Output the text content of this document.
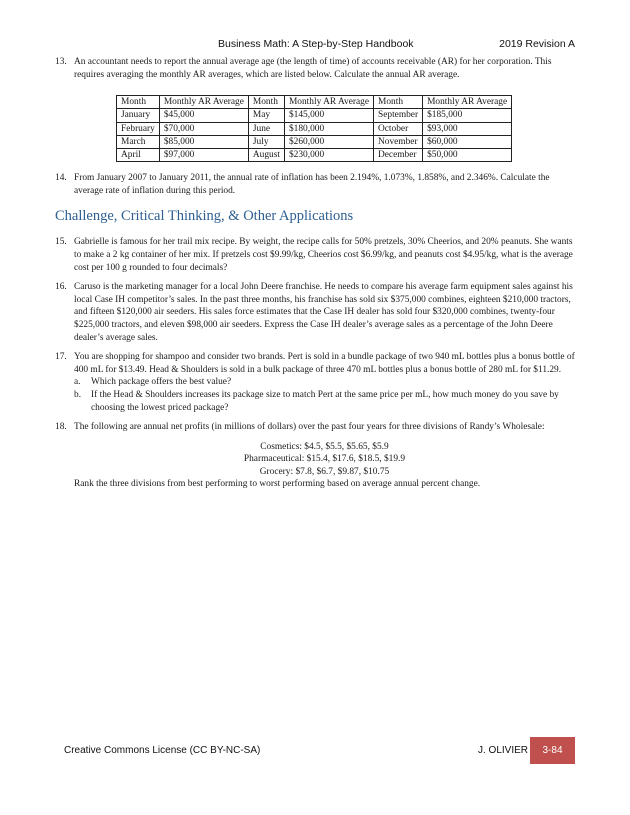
Business Math: A Step-by-Step Handbook	2019 Revision A
13. An accountant needs to report the annual average age (the length of time) of accounts receivable (AR) for her corporation. This requires averaging the monthly AR averages, which are listed below. Calculate the annual AR average.
Month	Monthly AR Average	Month	Monthly AR Average	Month	Monthly AR Average
January	$45,000	May	$145,000	September	$185,000
February	$70,000	June	$180,000	October	$93,000
March	$85,000	July	$260,000	November	$60,000
April	$97,000	August	$230,000	December	$50,000
14. From January 2007 to January 2011, the annual rate of inflation has been 2.194%, 1.073%, 1.858%, and 2.346%. Calculate the average rate of inflation during this period.
Challenge, Critical Thinking, & Other Applications
15. Gabrielle is famous for her trail mix recipe. By weight, the recipe calls for 50% pretzels, 30% Cheerios, and 20% peanuts. She wants to make a 2 kg container of her mix. If pretzels cost $9.99/kg, Cheerios cost $6.99/kg, and peanuts cost $4.95/kg, what is the average cost per 100 g rounded to four decimals?
16. Caruso is the marketing manager for a local John Deere franchise. He needs to compare his average farm equipment sales against his local Case IH competitor’s sales. In the past three months, his franchise has sold six $375,000 combines, eighteen $210,000 tractors, and fifteen $120,000 air seeders. His sales force estimates that the Case IH dealer has sold four $320,000 combines, twenty-four $225,000 tractors, and eleven $98,000 air seeders. Express the Case IH dealer’s average sales as a percentage of the John Deere dealer’s average sales.
17. You are shopping for shampoo and consider two brands. Pert is sold in a bundle package of two 940 mL bottles plus a bonus bottle of 400 mL for $13.49. Head & Shoulders is sold in a bulk package of three 470 mL bottles plus a bonus bottle of 280 mL for $11.29.
a. Which package offers the best value?
b. If the Head & Shoulders increases its package size to match Pert at the same price per mL, how much money do you save by choosing the lowest priced package?
18. The following are annual net profits (in millions of dollars) over the past four years for three divisions of Randy’s Wholesale:
Cosmetics: $4.5, $5.5, $5.65, $5.9
Pharmaceutical: $15.4, $17.6, $18.5, $19.9
Grocery: $7.8, $6.7, $9.87, $10.75
Rank the three divisions from best performing to worst performing based on average annual percent change.
Creative Commons License (CC BY-NC-SA)	J. OLIVIER	3-84
